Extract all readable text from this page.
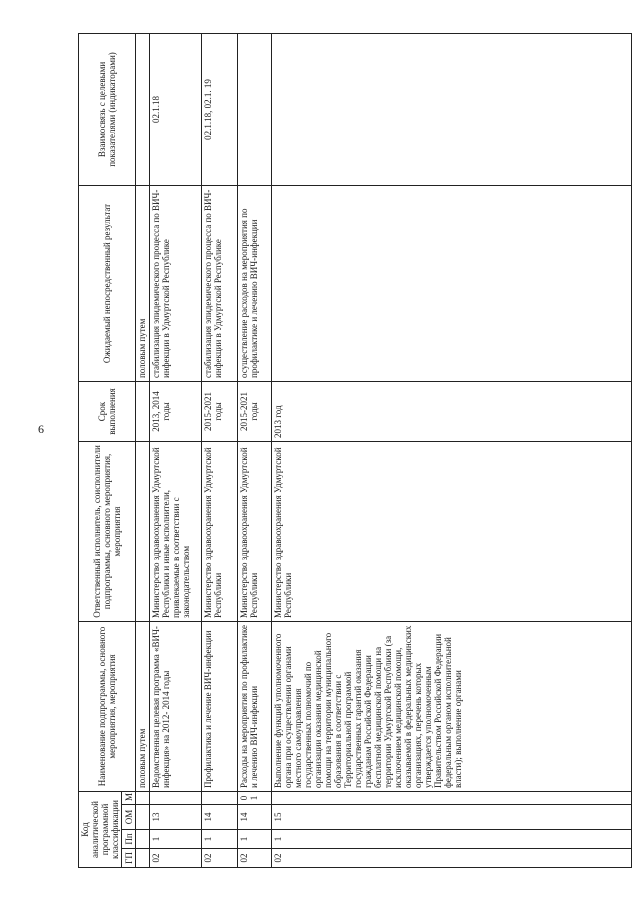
6
Код аналитической программной классификации				Наименование подпрограммы, основного мероприятия, мероприятия	Ответственный исполнитель, соисполнители подпрограммы, основного мероприятия, мероприятия	Срок выполнения	Ожидаемый непосредственный результат	Взаимосвязь с целевыми показателями (индикаторами)
ГП	Пп	ОМ	М					
				половым путем			половым путем	
02	1	13		Ведомственная целевая программа «ВИЧ-инфекция» на 2012- 2014 годы	Министерство здравоохранения Удмуртской Республики и иные исполнители, привлекаемые в соответствии с законодательством	2013, 2014 годы	стабилизация эпидемического процесса по ВИЧ-инфекции в Удмуртской Республике	02.1.18
02	1	14		Профилактика и лечение ВИЧ-инфекции	Министерство здравоохранения Удмуртской Республики	2015-2021 годы	стабилизация эпидемического процесса по ВИЧ-инфекции в Удмуртской Республике	02.1.18, 02.1. 19
02	1	14	01	Расходы на мероприятия по профилактике и лечению ВИЧ-инфекции	Министерство здравоохранения Удмуртской Республики	2015-2021 годы	осуществление расходов на мероприятия по профилактике и лечению ВИЧ-инфекции	
02	1	15		Выполнение функций уполномоченного органа при осуществлении органами местного самоуправления государственных полномочий по организации оказания медицинской помощи на территории муниципального образования в соответствии с Территориальной программой государственных гарантий оказания гражданам Российской Федерации бесплатной медицинской помощи на территории Удмуртской Республики (за исключением медицинской помощи, оказываемой в федеральных медицинских организациях, перечень которых утверждается уполномоченным Правительством Российской Федерации федеральным органом исполнительной власти); выполнение органами	Министерство здравоохранения Удмуртской Республики	2013 год		
